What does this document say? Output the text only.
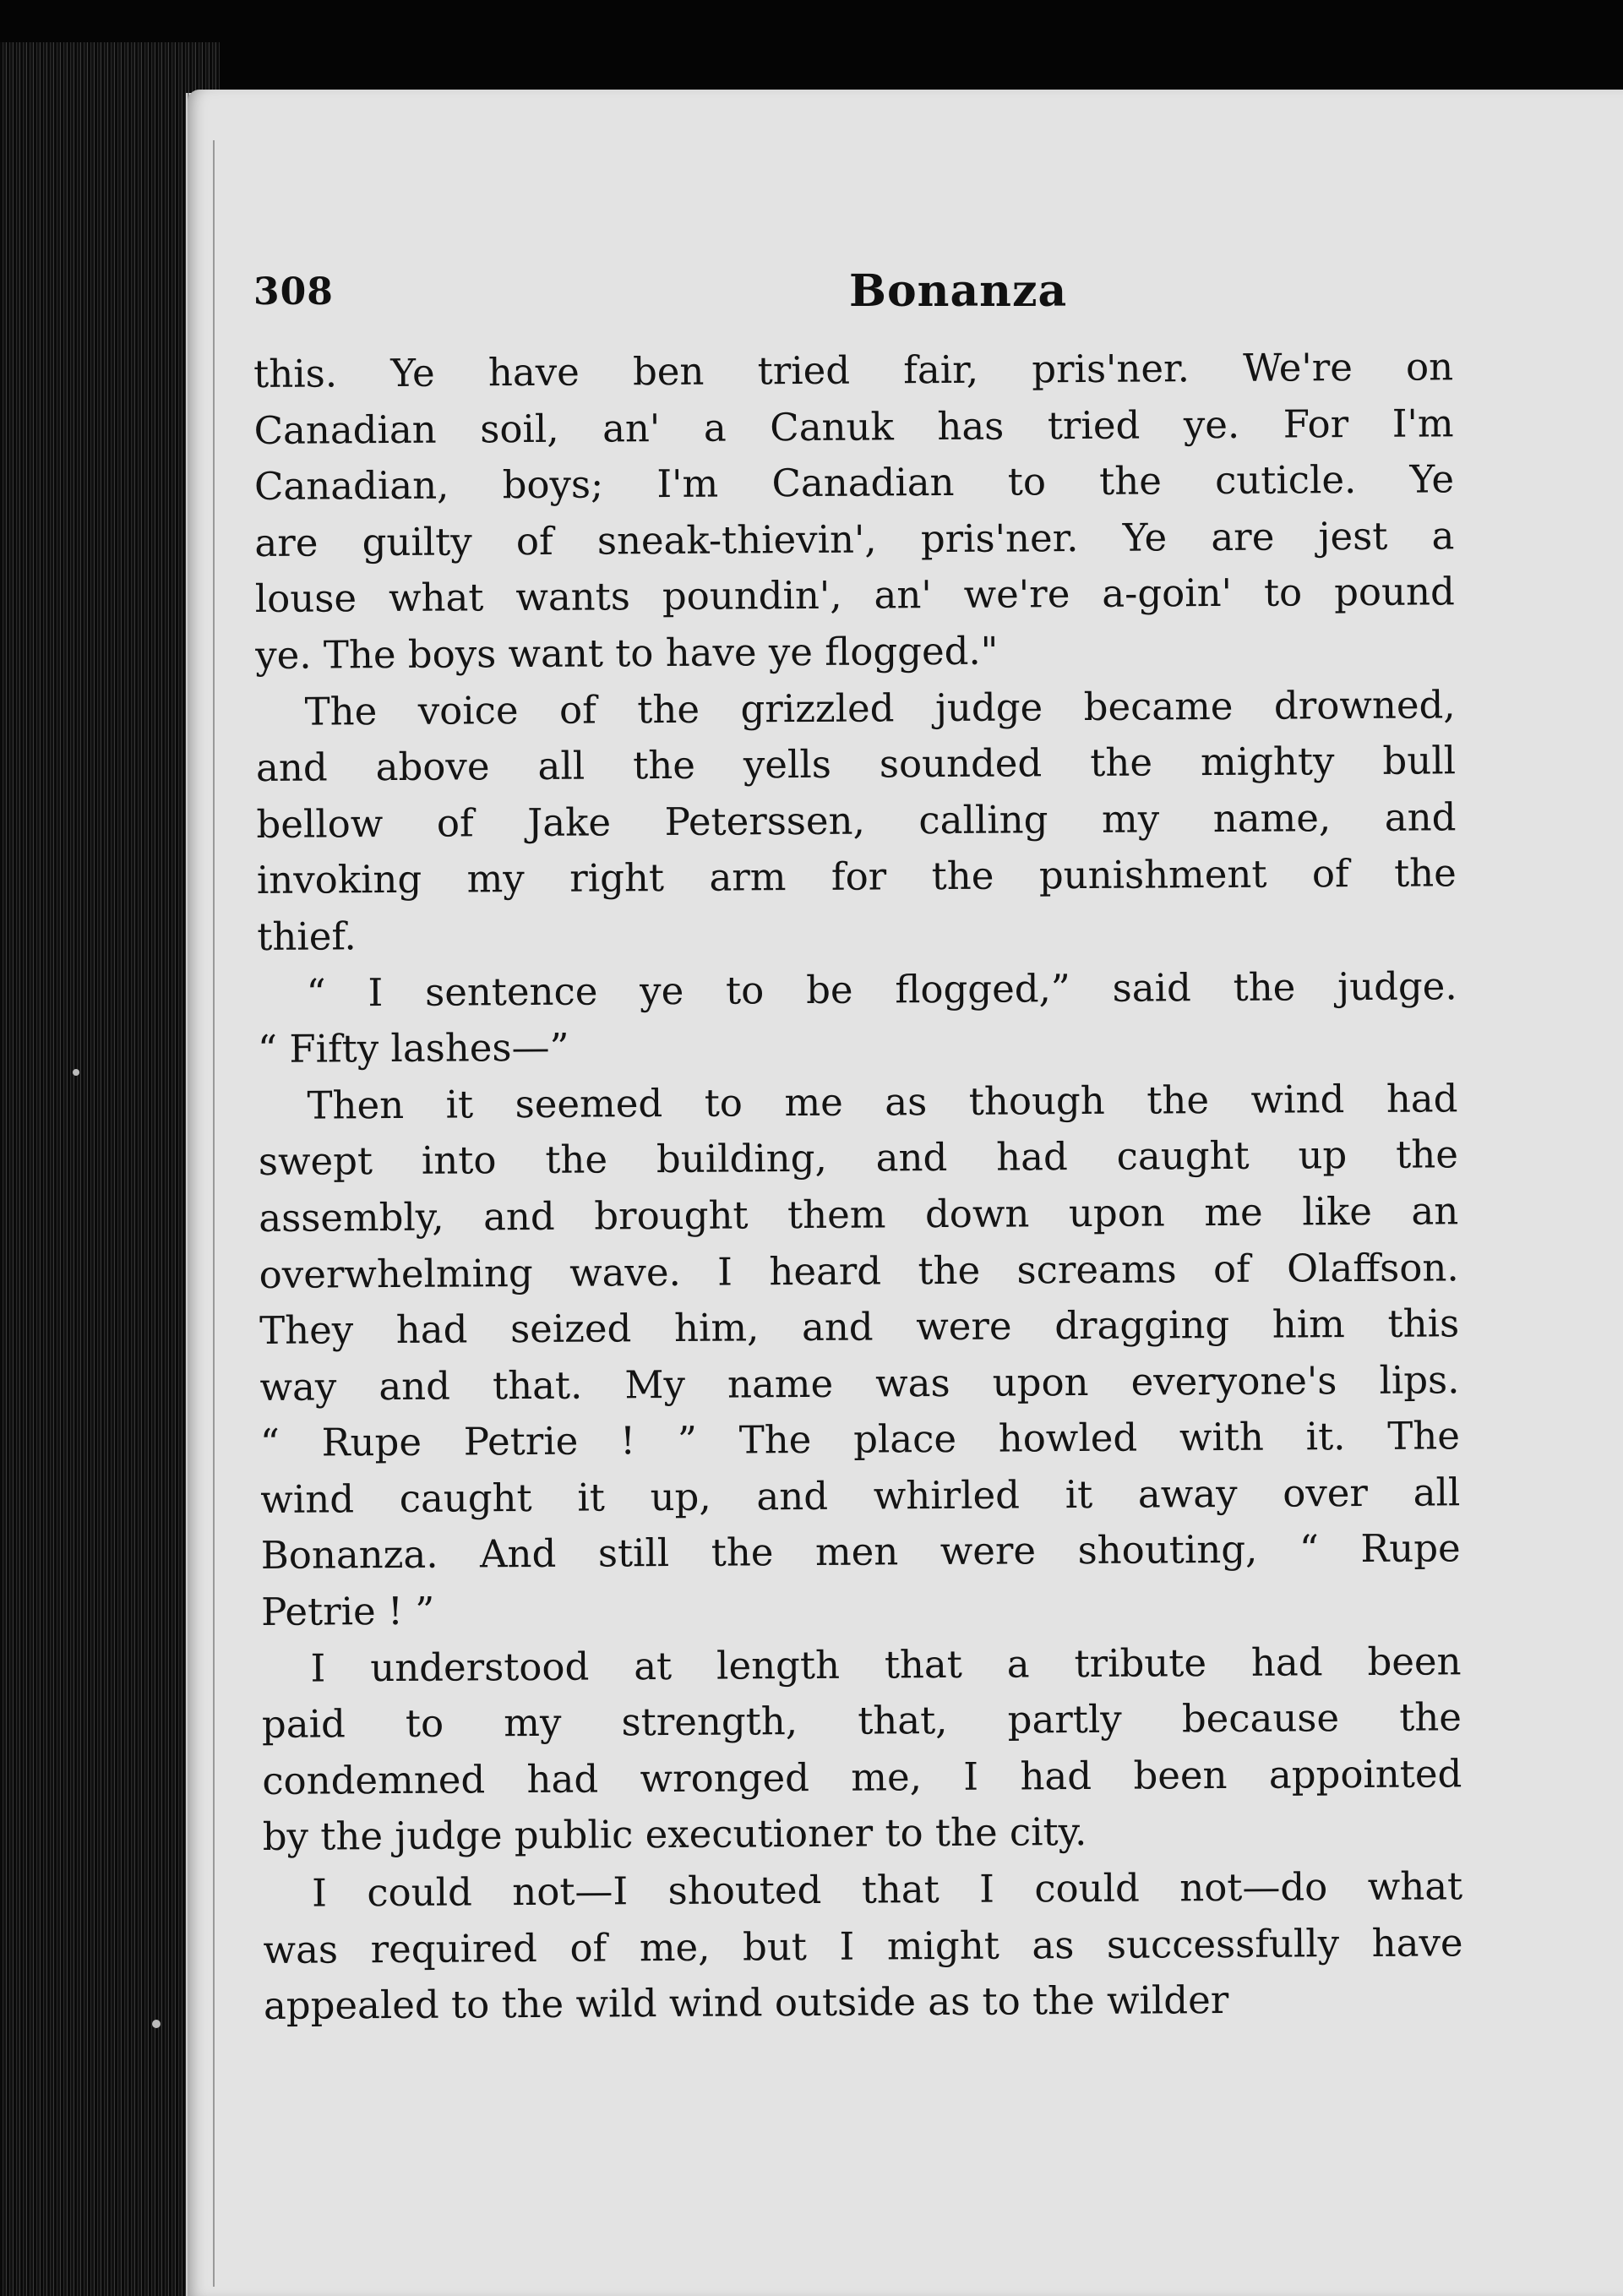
308	Bonanza
this. Ye have ben tried fair, pris'ner. We're on
Canadian soil, an' a Canuk has tried ye. For I'm
Canadian, boys; I'm Canadian to the cuticle. Ye
are guilty of sneak-thievin', pris'ner. Ye are jest a
louse what wants poundin', an' we're a-goin' to pound
ye. The boys want to have ye flogged."
The voice of the grizzled judge became drowned,
and above all the yells sounded the mighty bull
bellow of Jake Peterssen, calling my name, and
invoking my right arm for the punishment of the
thief.
“ I sentence ye to be flogged,” said the judge.
“ Fifty lashes—”
Then it seemed to me as though the wind had
swept into the building, and had caught up the
assembly, and brought them down upon me like an
overwhelming wave. I heard the screams of Olaffson.
They had seized him, and were dragging him this
way and that. My name was upon everyone's lips.
“ Rupe Petrie ! ” The place howled with it. The
wind caught it up, and whirled it away over all
Bonanza. And still the men were shouting, “ Rupe
Petrie ! ”
I understood at length that a tribute had been
paid to my strength, that, partly because the
condemned had wronged me, I had been appointed
by the judge public executioner to the city.
I could not—I shouted that I could not—do what
was required of me, but I might as successfully have
appealed to the wild wind outside as to the wilder
